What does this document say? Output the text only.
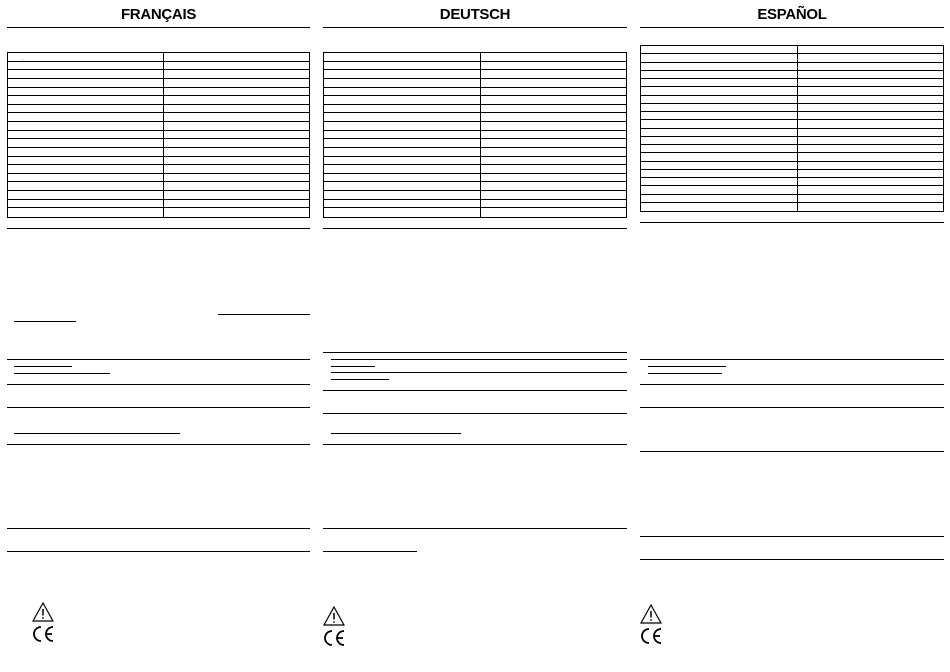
FRANÇAIS
·
DEUTSCH	ESPAÑOL
